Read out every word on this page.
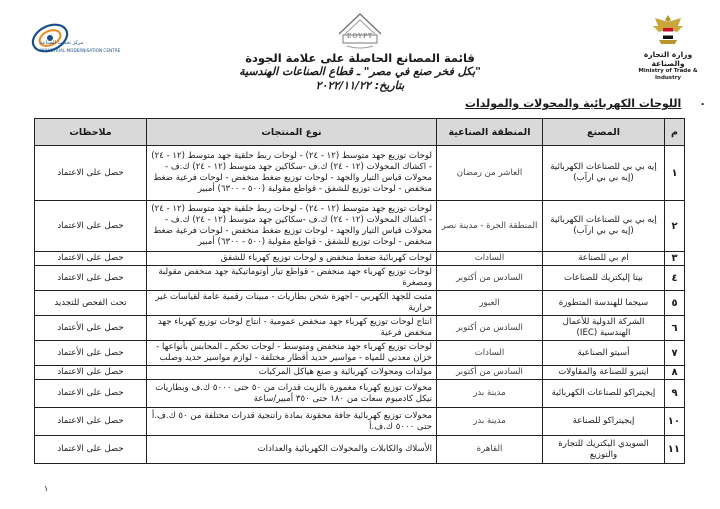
مركز تحديث الصناعة
INDUSTRIAL MODERNISATION CENTRE
EGYPT
وزارة التجارة والصناعة
Ministry of Trade & Industry
قائمة المصانع الحاصلة على علامة الجودة
"بكل فخر صنع في مصر" ـ قطاع الصناعات الهندسية
بتاريخ: ٢٠٢٢/١١/٢٢
٠اللوحات الكهربائية والمحولات والمولدات
م	المصنع	المنطقة الصناعية	نوع المنتجات	ملاحظات
١	إيه بي بي للصناعات الكهربائية (إيه بي بي ارآب)	العاشر من رمضان	لوحات توزيع جهد متوسط (١٢ - ٢٤) - لوحات ربط حلقية جهد متوسط (١٢ - ٢٤) - اكشاك المحولات (١٢ - ٢٤) ك.ف -سكاكين جهد متوسط (١٢ - ٢٤) ك.ف - محولات قياس التيار والجهد - لوحات توزيع ضغط منخفض - لوحات فرعية ضغط منخفض - لوحات توزيع للشفق - قواطع مقولبة (٥٠٠ - ٦٣٠٠) أمبير	حصل على الاعتماد
٢	إيه بي بي للصناعات الكهربائية (إيه بي بي ارآب)	المنطقة الحرة - مدينة نصر	لوحات توزيع جهد متوسط (١٢ - ٢٤) - لوحات ربط حلقية جهد متوسط (١٢ - ٢٤) - اكشاك المحولات (١٢ - ٢٤) ك.ف -سكاكين جهد متوسط (١٢ - ٢٤) ك.ف - محولات قياس التيار والجهد - لوحات توزيع ضغط منخفض - لوحات فرعية ضغط منخفض - لوحات توزيع للشفق - قواطع مقولبة (٥٠٠ - ٦٣٠٠) أمبير	حصل على الاعتماد
٣	ام بي للصناعة	السادات	لوحات كهربائية ضغط منخفض و لوحات توزيع كهرباء للشفق	حصل على الاعتماد
٤	بيتا إليكتريك للصناعات	السادس من أكتوبر	لوحات توزيع كهرباء جهد منخفض - قواطع تيار أوتوماتيكية جهد منخفض مقولبة ومصغرة	حصل على الاعتماد
٥	سيجما للهندسة المتطورة	العبور	مثبت للجهد الكهربي - اجهزة شحن بطاريات - مبينات رقمية عامة لقياسات غير حرارية	تحت الفحص للتجديد
٦	الشركة الدولية للأعمال الهندسية (IEC)	السادس من أكتوبر	انتاج لوحات توزيع كهرباء جهد منخفض عمومية - انتاج لوحات توزيع كهرباء جهد منخفض فرعية	حصل على الأعتماد
٧	أسيتو الصناعية	السادات	لوحات توزيع كهرباء جهد منخفض ومتوسط - لوحات تحكم ـ المحابس بأنواعها - خزان معدني للمياه - مواسير حديد أقطار مختلفة - لوازم مواسير حديد وصلب	حصل على الأعتماد
٨	ايتيرو للصناعة والمقاولات	السادس من أكتوبر	مولدات ومحولات كهربائية و صنع هياكل المركبات	حصل على الاعتماد
٩	إيجيتراكو للصناعات الكهربائية	مدينة بدر	محولات توزيع كهرباء مغمورة بالزيت قدرات من ٥٠ حتى ٥٠٠٠ ك.ف وبطاريات نيكل كادميوم سعات من ١٨٠ حتى ٣٥٠ أمبير/ساعة	حصل على الاعتماد
١٠	إيجيتراكو للصناعة	مدينة بدر	محولات توزيع كهربائية جافة محقونة بمادة راتنجية قدرات مختلفة من ٥٠ ك.ف.أ حتى ٥٠٠٠ ك.ف.أ	حصل على الاعتماد
١١	السويدي اليكتريك للتجارة والتوزيع	القاهرة	الأسلاك والكابلات والمحولات الكهربائية والعدادات	حصل على الاعتماد
١
